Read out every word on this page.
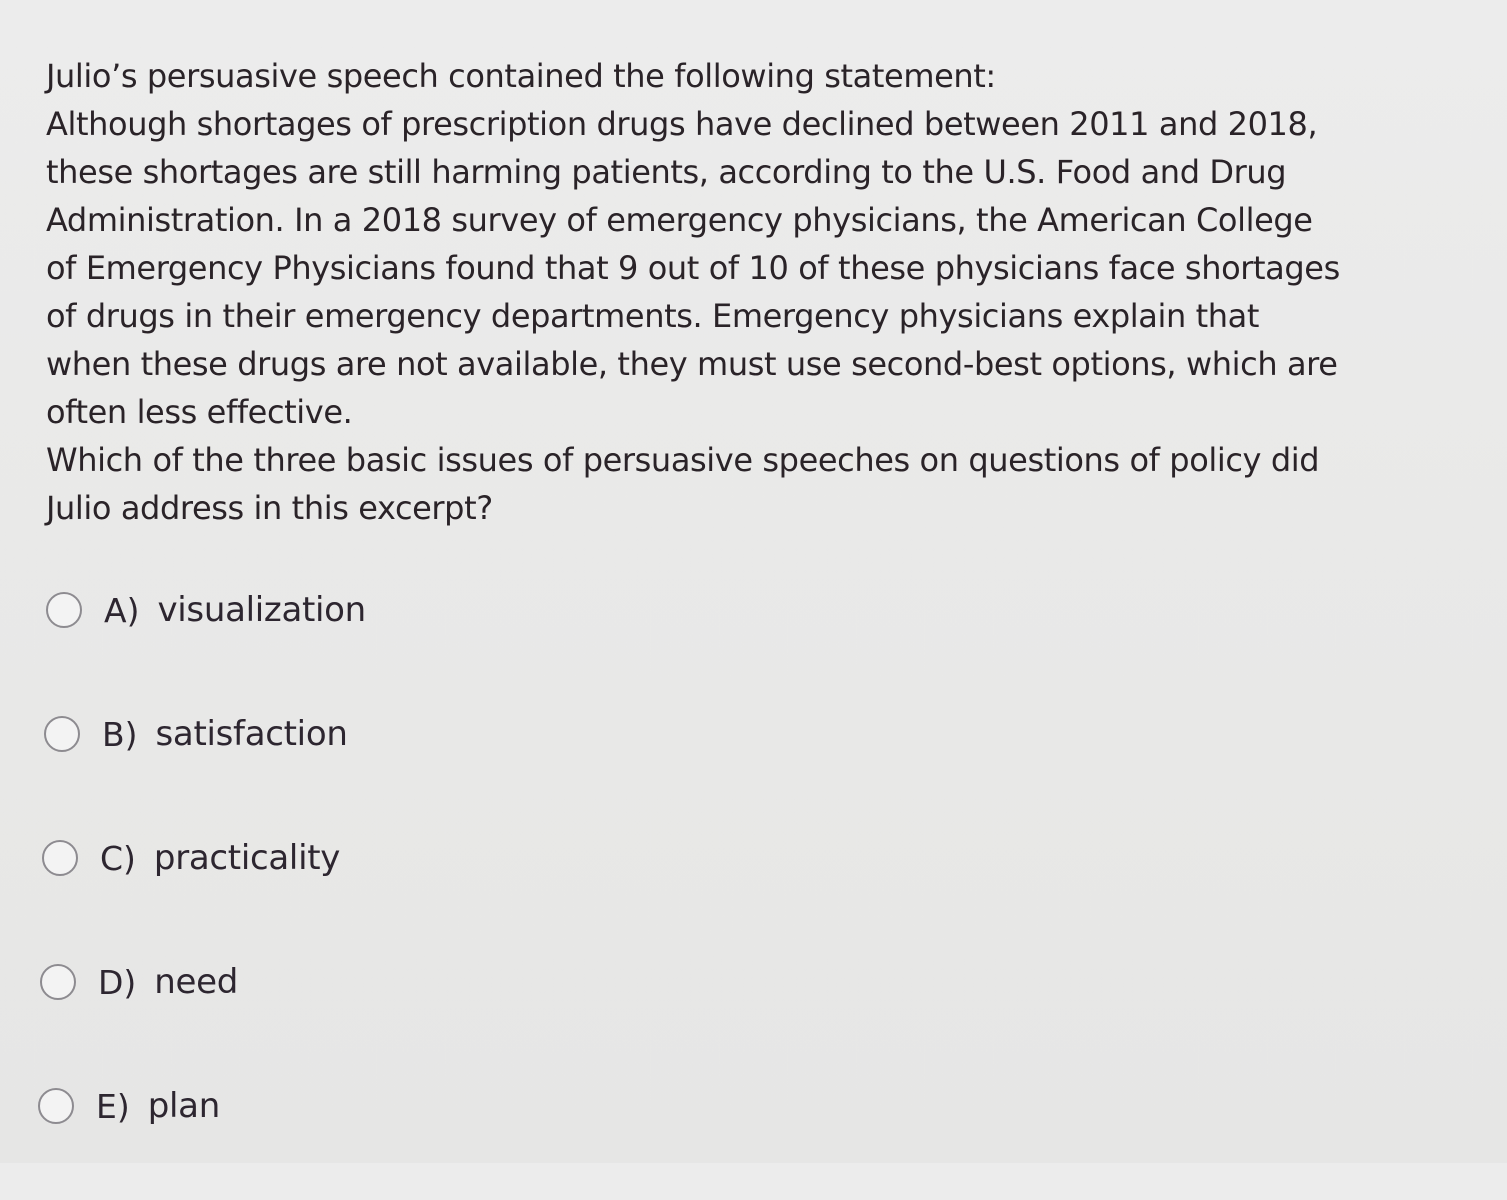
Julio’s persuasive speech contained the following statement:

Although shortages of prescription drugs have declined between 2011 and 2018, these shortages are still harming patients, according to the U.S. Food and Drug Administration. In a 2018 survey of emergency physicians, the American College of Emergency Physicians found that 9 out of 10 of these physicians face shortages of drugs in their emergency departments. Emergency physicians explain that when these drugs are not available, they must use second-best options, which are often less effective.

Which of the three basic issues of persuasive speeches on questions of policy did Julio address in this excerpt?

A) visualization
B) satisfaction
C) practicality
D) need
E) plan
